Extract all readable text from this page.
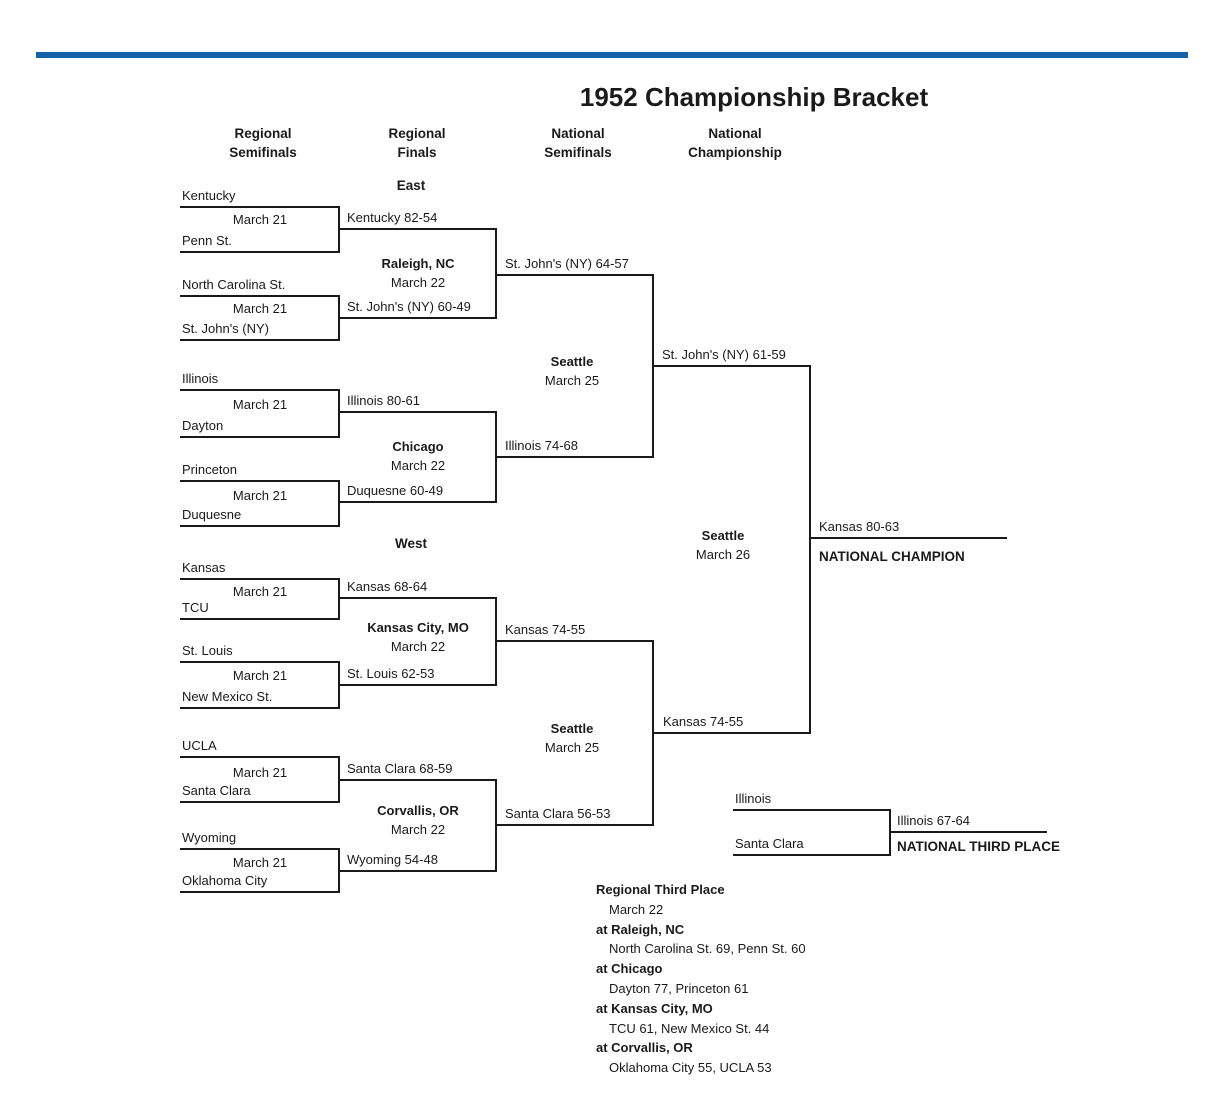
1952 Championship Bracket
Regional
Semifinals
Regional
Finals
National
Semifinals
National
Championship
East
Kentucky
March 21
Penn St.
Kentucky 82-54
North Carolina St.
March 21
St. John's (NY)
St. John's (NY) 60-49
Raleigh, NC
March 22
St. John's (NY) 64-57
Illinois
March 21
Dayton
Illinois 80-61
Princeton
March 21
Duquesne
Duquesne 60-49
Chicago
March 22
Illinois 74-68
Seattle
March 25
St. John's (NY) 61-59
West
Kansas
March 21
TCU
Kansas 68-64
St. Louis
March 21
New Mexico St.
St. Louis 62-53
Kansas City, MO
March 22
Kansas 74-55
UCLA
March 21
Santa Clara
Santa Clara 68-59
Wyoming
March 21
Oklahoma City
Wyoming 54-48
Corvallis, OR
March 22
Santa Clara 56-53
Seattle
March 25
Kansas 74-55
Seattle
March 26
Kansas 80-63
NATIONAL CHAMPION
Illinois
Santa Clara
Illinois 67-64
NATIONAL THIRD PLACE
Regional Third Place
March 22
at Raleigh, NC
North Carolina St. 69, Penn St. 60
at Chicago
Dayton 77, Princeton 61
at Kansas City, MO
TCU 61, New Mexico St. 44
at Corvallis, OR
Oklahoma City 55, UCLA 53
